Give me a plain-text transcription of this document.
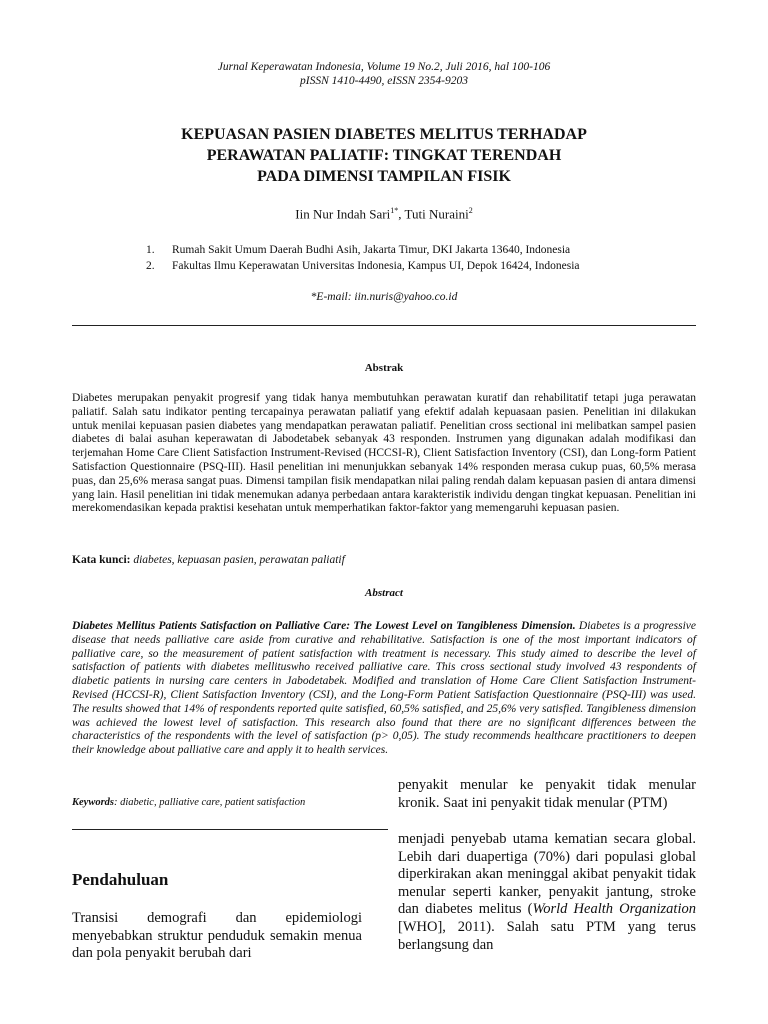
Jurnal Keperawatan Indonesia, Volume 19 No.2, Juli 2016, hal 100-106
pISSN 1410-4490, eISSN 2354-9203
KEPUASAN PASIEN DIABETES MELITUS TERHADAP
PERAWATAN PALIATIF: TINGKAT TERENDAH
PADA DIMENSI TAMPILAN FISIK
Iin Nur Indah Sari$^{1*}$, Tuti Nuraini$^2$
1. Rumah Sakit Umum Daerah Budhi Asih, Jakarta Timur, DKI Jakarta 13640, Indonesia
2. Fakultas Ilmu Keperawatan Universitas Indonesia, Kampus UI, Depok 16424, Indonesia
*E-mail: iin.nuris@yahoo.co.id
Abstrak
Diabetes merupakan penyakit progresif yang tidak hanya membutuhkan perawatan kuratif dan rehabilitatif tetapi juga perawatan paliatif. Salah satu indikator penting tercapainya perawatan paliatif yang efektif adalah kepuasaan pasien. Penelitian ini dilakukan untuk menilai kepuasan pasien diabetes yang mendapatkan perawatan paliatif. Penelitian cross sectional ini melibatkan sampel pasien diabetes di balai asuhan keperawatan di Jabodetabek sebanyak 43 responden. Instrumen yang digunakan adalah modifikasi dan terjemahan Home Care Client Satisfaction Instrument-Revised (HCCSI-R), Client Satisfaction Inventory (CSI), dan Long-form Patient Satisfaction Questionnaire (PSQ-III). Hasil penelitian ini menunjukkan sebanyak 14% responden merasa cukup puas, 60,5% merasa puas, dan 25,6% merasa sangat puas. Dimensi tampilan fisik mendapatkan nilai paling rendah dalam kepuasan pasien di antara dimensi yang lain. Hasil penelitian ini tidak menemukan adanya perbedaan antara karakteristik individu dengan tingkat kepuasan. Penelitian ini merekomendasikan kepada praktisi kesehatan untuk memperhatikan faktor-faktor yang memengaruhi kepuasan pasien.
Kata kunci: diabetes, kepuasan pasien, perawatan paliatif
Abstract
Diabetes Mellitus Patients Satisfaction on Palliative Care: The Lowest Level on Tangibleness Dimension. Diabetes is a progressive disease that needs palliative care aside from curative and rehabilitative. Satisfaction is one of the most important indicators of palliative care, so the measurement of patient satisfaction with treatment is necessary. This study aimed to describe the level of satisfaction of patients with diabetes mellituswho received palliative care. This cross sectional study involved 43 respondents of diabetic patients in nursing care centers in Jabodetabek. Modified and translation of Home Care Client Satisfaction Instrument-Revised (HCCSI-R), Client Satisfaction Inventory (CSI), and the Long-Form Patient Satisfaction Questionnaire (PSQ-III) was used. The results showed that 14% of respondents reported quite satisfied, 60,5% satisfied, and 25,6% very satisfied. Tangibleness dimension was achieved the lowest level of satisfaction. This research also found that there are no significant differences between the characteristics of the respondents with the level of satisfaction (p> 0,05). The study recommends healthcare practitioners to deepen their knowledge about palliative care and apply it to health services.
Keywords: diabetic, palliative care, patient satisfaction
penyakit menular ke penyakit tidak menular kronik. Saat ini penyakit tidak menular (PTM)
Pendahuluan
Transisi demografi dan epidemiologi menyebabkan struktur penduduk semakin menua dan pola penyakit berubah dari
menjadi penyebab utama kematian secara global. Lebih dari duapertiga (70%) dari populasi global diperkirakan akan meninggal akibat penyakit tidak menular seperti kanker, penyakit jantung, stroke dan diabetes melitus (World Health Organization [WHO], 2011). Salah satu PTM yang terus berlangsung dan
